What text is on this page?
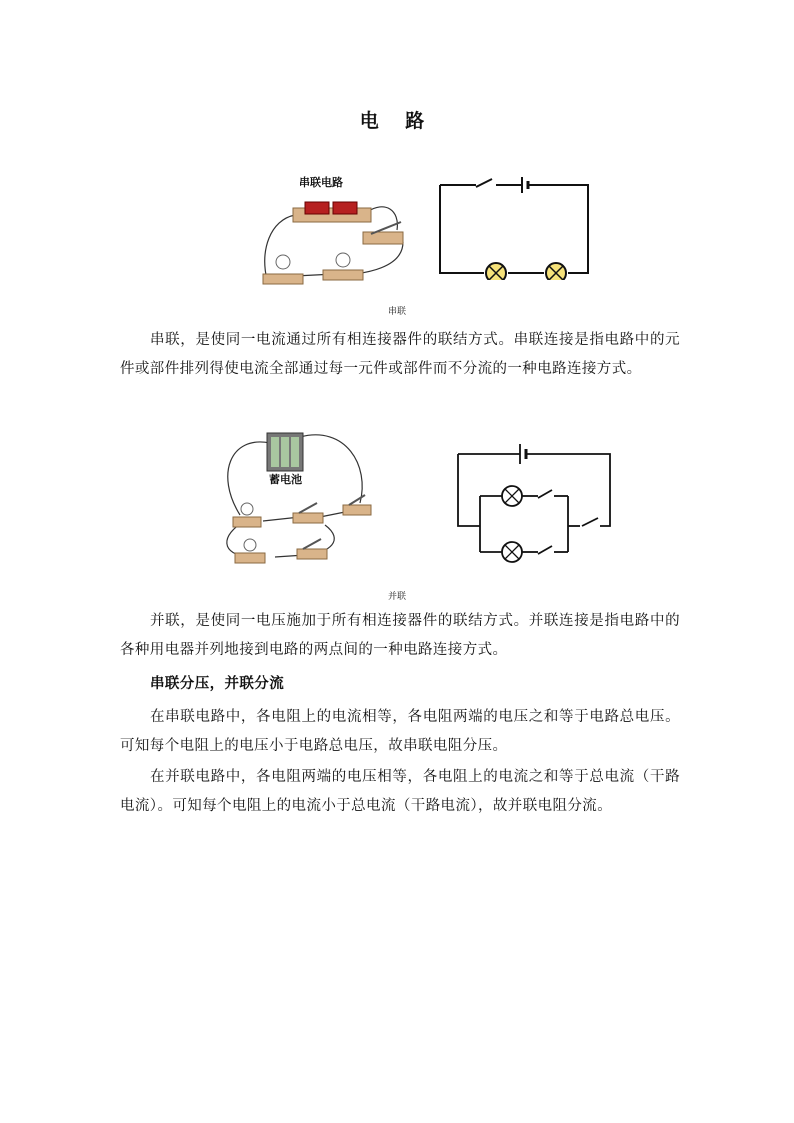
电 路
串联电路
串联
串联，是使同一电流通过所有相连接器件的联结方式。串联连接是指电路中的元件或部件排列得使电流全部通过每一元件或部件而不分流的一种电路连接方式。
蓄电池
并联
并联，是使同一电压施加于所有相连接器件的联结方式。并联连接是指电路中的各种用电器并列地接到电路的两点间的一种电路连接方式。
串联分压，并联分流
在串联电路中，各电阻上的电流相等，各电阻两端的电压之和等于电路总电压。可知每个电阻上的电压小于电路总电压，故串联电阻分压。
在并联电路中，各电阻两端的电压相等，各电阻上的电流之和等于总电流（干路电流）。可知每个电阻上的电流小于总电流（干路电流），故并联电阻分流。
